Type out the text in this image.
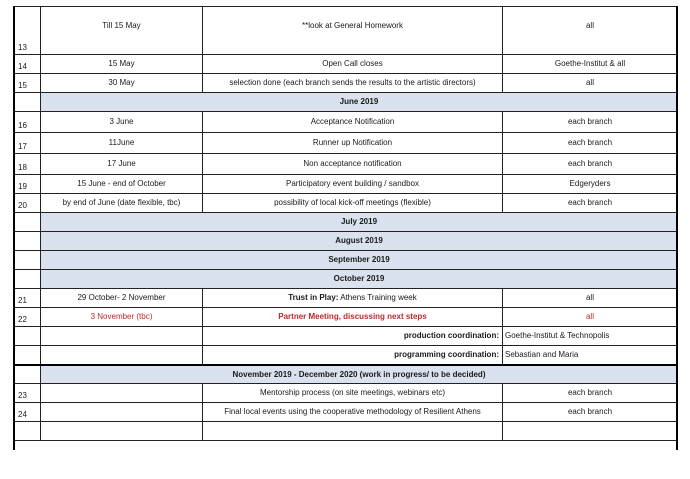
13	Till 15 May	**look at General Homework	all
14	15 May	Open Call closes	Goethe-Institut & all
15	30 May	selection done (each branch sends the results to the artistic directors)	all
	June 2019		
16	3 June	Acceptance Notification	each branch
17	11June	Runner up Notification	each branch
18	17 June	Non acceptance notification	each branch
19	15 June - end of October	Participatory event building / sandbox	Edgeryders
20	by end of June (date flexible, tbc)	possibility of local kick-off meetings (flexible)	each branch
	July 2019		
	August 2019		
	September 2019		
	October 2019		
21	29 October- 2 November	Trust in Play: Athens Training week	all
22	3 November (tbc)	Partner Meeting, discussing next steps	all
		production coordination:	Goethe-Institut & Technopolis
		programming coordination:	Sebastian and Maria
	November 2019 - December 2020 (work in progress/ to be decided)		
23		Mentorship process (on site meetings, webinars etc)	each branch
24		Final local events using the cooperative methodology of Resilient Athens	each branch
